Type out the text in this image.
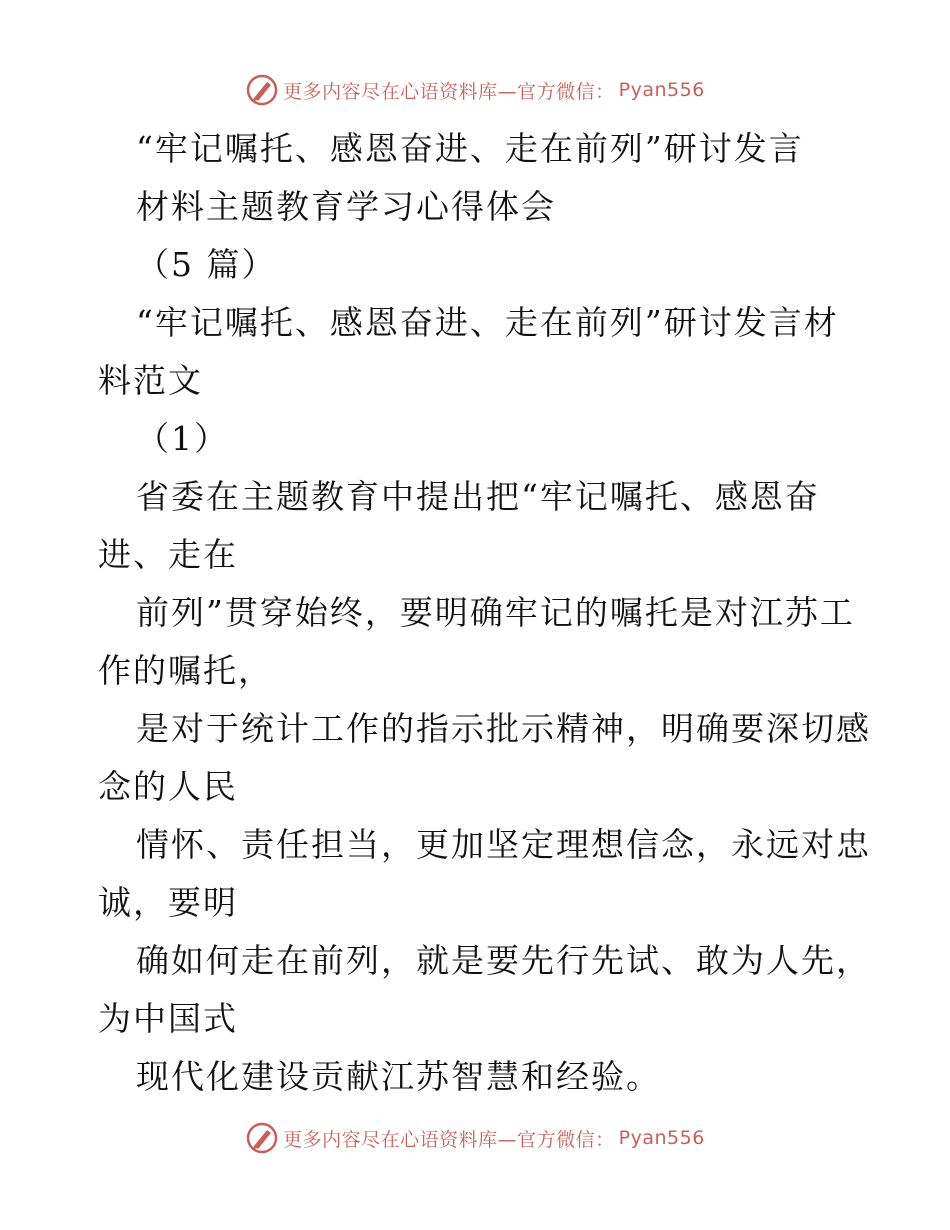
更多内容尽在心语资料库—官方微信： Pyan556
“牢记嘱托、感恩奋进、走在前列”研讨发言
材料主题教育学习心得体会
（5 篇）
“牢记嘱托、感恩奋进、走在前列”研讨发言材
料范文
（1）
省委在主题教育中提出把“牢记嘱托、感恩奋
进、走在
前列”贯穿始终，要明确牢记的嘱托是对江苏工
作的嘱托，
是对于统计工作的指示批示精神，明确要深切感
念的人民
情怀、责任担当，更加坚定理想信念，永远对忠
诚，要明
确如何走在前列，就是要先行先试、敢为人先，
为中国式
现代化建设贡献江苏智慧和经验。
更多内容尽在心语资料库—官方微信： Pyan556
